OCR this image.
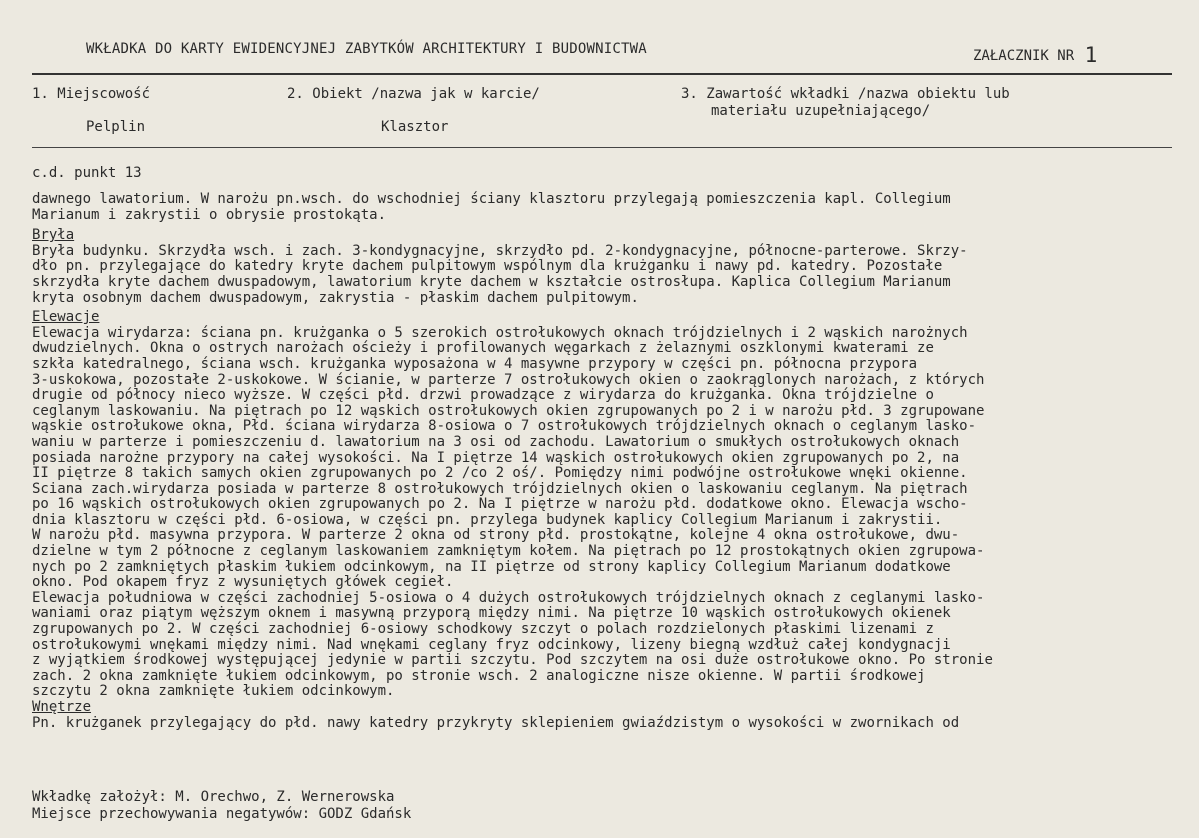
WKŁADKA DO KARTY EWIDENCYJNEJ ZABYTKÓW ARCHITEKTURY I BUDOWNICTWA	ZAŁACZNIK NR 1
1. Miejscowość	2. Obiekt /nazwa jak w karcie/	3. Zawartość wkładki /nazwa obiektu lub
materiału uzupełniającego/
Pelplin	Klasztor
c.d. punkt 13
dawnego lawatorium. W narożu pn.wsch. do wschodniej ściany klasztoru przylegają pomieszczenia kapl. Collegium
Marianum i zakrystii o obrysie prostokąta.
Bryła
Bryła budynku. Skrzydła wsch. i zach. 3-kondygnacyjne, skrzydło pd. 2-kondygnacyjne, północne-parterowe. Skrzy-
dło pn. przylegające do katedry kryte dachem pulpitowym wspólnym dla krużganku i nawy pd. katedry. Pozostałe
skrzydła kryte dachem dwuspadowym, lawatorium kryte dachem w kształcie ostrosłupa. Kaplica Collegium Marianum
kryta osobnym dachem dwuspadowym, zakrystia - płaskim dachem pulpitowym.
Elewacje
Elewacja wirydarza: ściana pn. krużganka o 5 szerokich ostrołukowych oknach trójdzielnych i 2 wąskich narożnych
dwudzielnych. Okna o ostrych narożach ościeży i profilowanych węgarkach z żelaznymi oszklonymi kwaterami ze
szkła katedralnego, ściana wsch. krużganka wyposażona w 4 masywne przypory w części pn. północna przypora
3-uskokowa, pozostałe 2-uskokowe. W ścianie, w parterze 7 ostrołukowych okien o zaokrąglonych narożach, z których
drugie od północy nieco wyższe. W części płd. drzwi prowadzące z wirydarza do krużganka. Okna trójdzielne o
ceglanym laskowaniu. Na piętrach po 12 wąskich ostrołukowych okien zgrupowanych po 2 i w narożu płd. 3 zgrupowane
wąskie ostrołukowe okna, Płd. ściana wirydarza 8-osiowa o 7 ostrołukowych trójdzielnych oknach o ceglanym lasko-
waniu w parterze i pomieszczeniu d. lawatorium na 3 osi od zachodu. Lawatorium o smukłych ostrołukowych oknach
posiada narożne przypory na całej wysokości. Na I piętrze 14 wąskich ostrołukowych okien zgrupowanych po 2, na
II piętrze 8 takich samych okien zgrupowanych po 2 /co 2 oś/. Pomiędzy nimi podwójne ostrołukowe wnęki okienne.
Sciana zach.wirydarza posiada w parterze 8 ostrołukowych trójdzielnych okien o laskowaniu ceglanym. Na piętrach
po 16 wąskich ostrołukowych okien zgrupowanych po 2. Na I piętrze w narożu płd. dodatkowe okno. Elewacja wscho-
dnia klasztoru w części płd. 6-osiowa, w części pn. przylega budynek kaplicy Collegium Marianum i zakrystii.
W narożu płd. masywna przypora. W parterze 2 okna od strony płd. prostokątne, kolejne 4 okna ostrołukowe, dwu-
dzielne w tym 2 północne z ceglanym laskowaniem zamkniętym kołem. Na piętrach po 12 prostokątnych okien zgrupowa-
nych po 2 zamkniętych płaskim łukiem odcinkowym, na II piętrze od strony kaplicy Collegium Marianum dodatkowe
okno. Pod okapem fryz z wysuniętych główek cegieł.
Elewacja południowa w części zachodniej 5-osiowa o 4 dużych ostrołukowych trójdzielnych oknach z ceglanymi lasko-
waniami oraz piątym węższym oknem i masywną przyporą między nimi. Na piętrze 10 wąskich ostrołukowych okienek
zgrupowanych po 2. W części zachodniej 6-osiowy schodkowy szczyt o polach rozdzielonych płaskimi lizenami z
ostrołukowymi wnękami między nimi. Nad wnękami ceglany fryz odcinkowy, lizeny biegną wzdłuż całej kondygnacji
z wyjątkiem środkowej występującej jedynie w partii szczytu. Pod szczytem na osi duże ostrołukowe okno. Po stronie
zach. 2 okna zamknięte łukiem odcinkowym, po stronie wsch. 2 analogiczne nisze okienne. W partii środkowej
szczytu 2 okna zamknięte łukiem odcinkowym.
Wnętrze
Pn. krużganek przylegający do płd. nawy katedry przykryty sklepieniem gwiaździstym o wysokości w zwornikach od
Wkładkę założył: M. Orechwo, Z. Wernerowska
Miejsce przechowywania negatywów: GODZ Gdańsk
